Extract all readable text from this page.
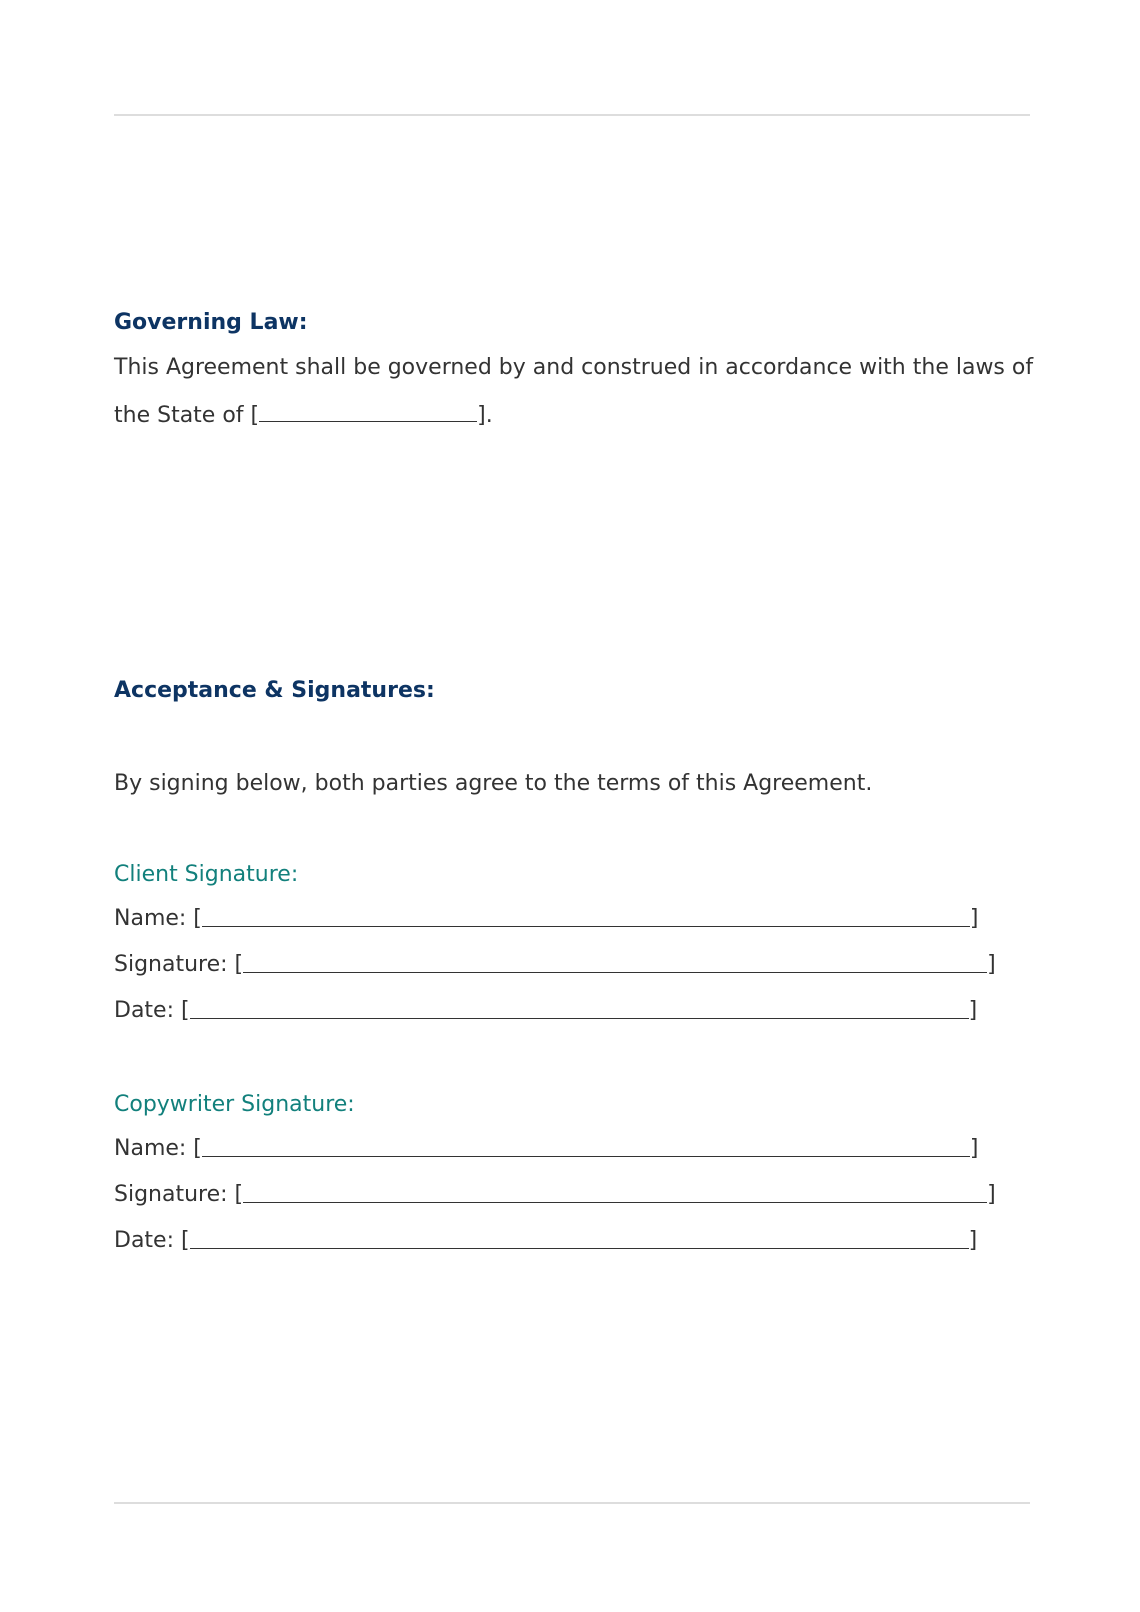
Governing Law:

This Agreement shall be governed by and construed in accordance with the laws of

the State of [	].

Acceptance & Signatures:

By signing below, both parties agree to the terms of this Agreement.

Client Signature:

Name: [	]
Signature: [	]
Date: [	]

Copywriter Signature:

Name: [	]
Signature: [	]
Date: [	]
